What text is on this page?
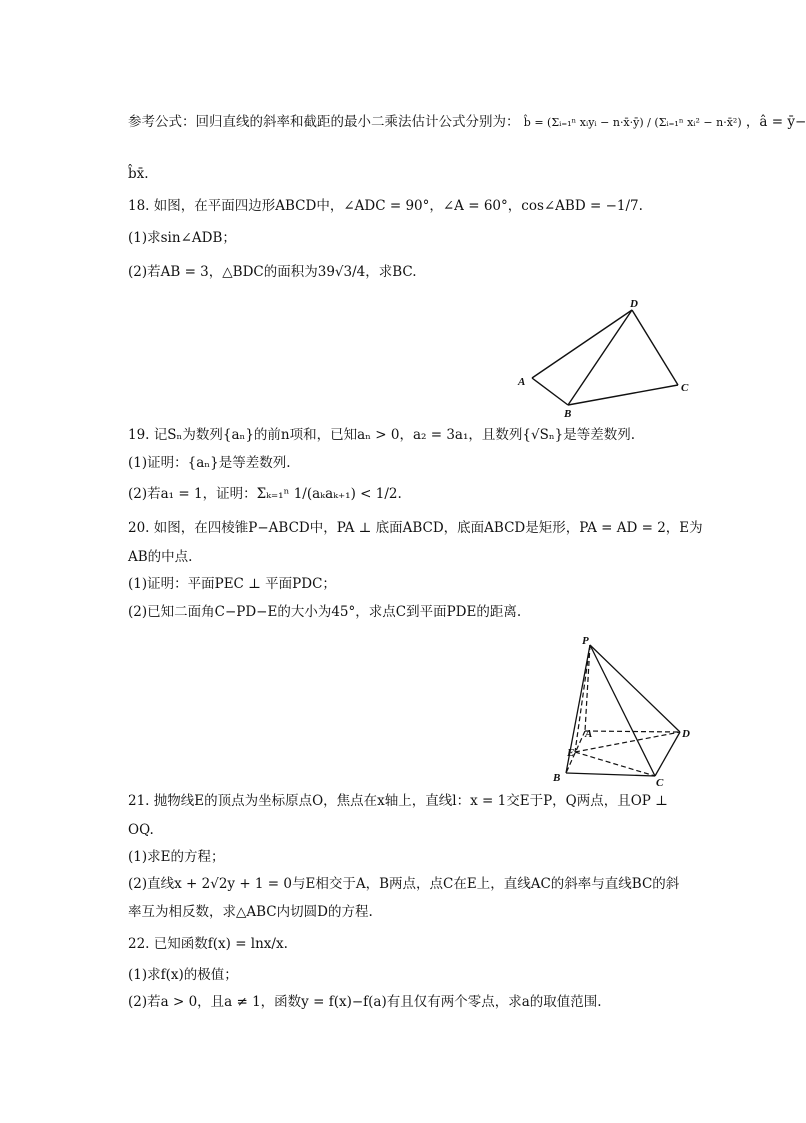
参考公式：回归直线的斜率和截距的最小二乘法估计公式分别为： b̂ = (Σᵢ₌₁ⁿ xᵢyᵢ − n·x̄·ȳ) / (Σᵢ₌₁ⁿ xᵢ² − n·x̄²) ，â = ȳ−
b̂x̄.
18. 如图，在平面四边形ABCD中，∠ADC = 90°，∠A = 60°，cos∠ABD = −1/7.
(1)求sin∠ADB；
(2)若AB = 3，△BDC的面积为39√3/4，求BC.
D
A
B
C
19. 记Sₙ为数列{aₙ}的前n项和，已知aₙ > 0，a₂ = 3a₁，且数列{√Sₙ}是等差数列.
(1)证明：{aₙ}是等差数列.
(2)若a₁ = 1，证明：Σₖ₌₁ⁿ 1/(aₖaₖ₊₁) < 1/2.
20. 如图，在四棱锥P−ABCD中，PA ⊥ 底面ABCD，底面ABCD是矩形，PA = AD = 2，E为
AB的中点.
(1)证明：平面PEC ⊥ 平面PDC；
(2)已知二面角C−PD−E的大小为45°，求点C到平面PDE的距离.
P
A
E
B	C
D
21. 抛物线E的顶点为坐标原点O，焦点在x轴上，直线l：x = 1交E于P，Q两点，且OP ⊥
OQ.
(1)求E的方程；
(2)直线x + 2√2y + 1 = 0与E相交于A，B两点，点C在E上，直线AC的斜率与直线BC的斜
率互为相反数，求△ABC内切圆D的方程.
22. 已知函数f(x) = lnx/x.
(1)求f(x)的极值；
(2)若a > 0，且a ≠ 1，函数y = f(x)−f(a)有且仅有两个零点，求a的取值范围.
